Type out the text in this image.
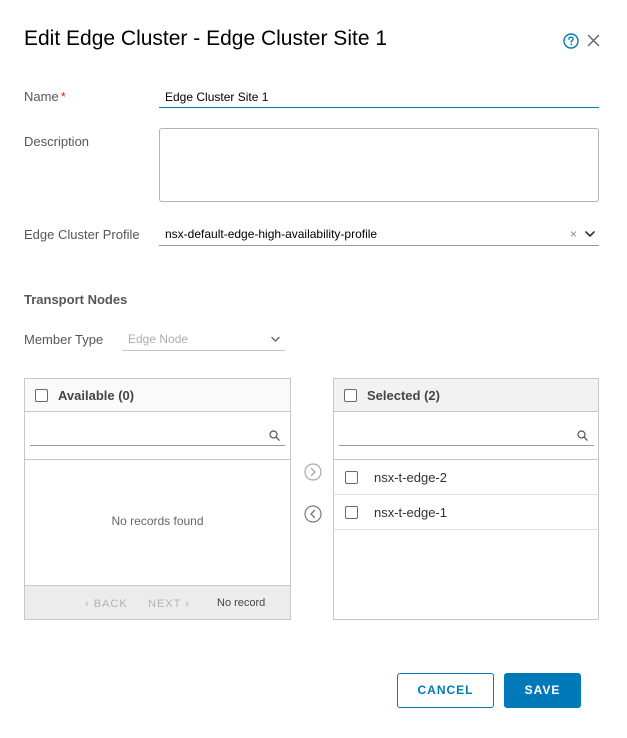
Edit Edge Cluster - Edge Cluster Site 1
Name *
Edge Cluster Site 1
Description
Edge Cluster Profile nsx-default-edge-high-availability-profile	×
Transport Nodes
Member Type Edge Node
Available (0)
No records found
‹ BACK NEXT › No record
Selected (2)
nsx-t-edge-2
nsx-t-edge-1
CANCEL	SAVE
